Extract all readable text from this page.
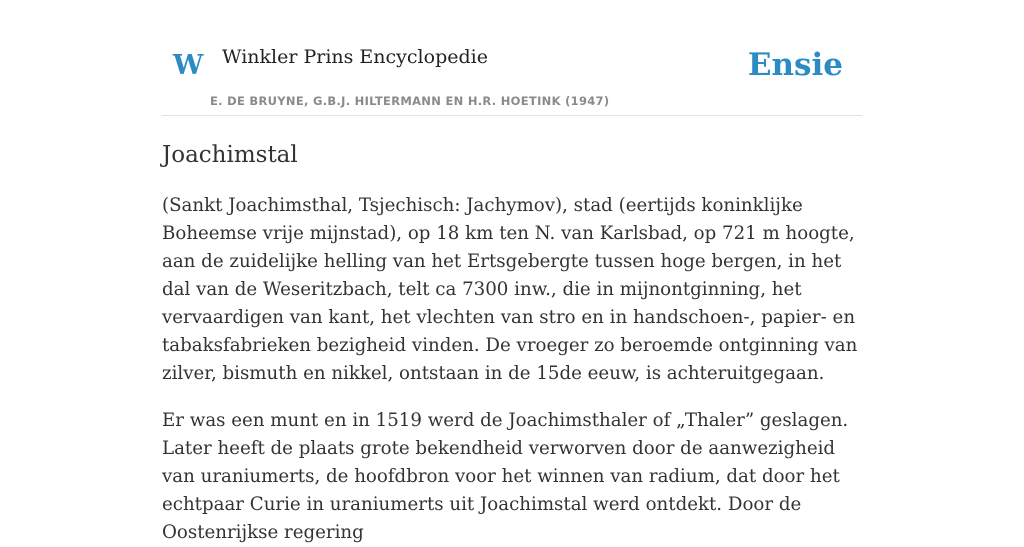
W Winkler Prins Encyclopedie
E. DE BRUYNE, G.B.J. HILTERMANN EN H.R. HOETINK (1947)
Ensie
Joachimstal

(Sankt Joachimsthal, Tsjechisch: Jachymov), stad (eertijds koninklijke Boheemse vrije mijnstad), op 18 km ten N. van Karlsbad, op 721 m hoogte, aan de zuidelijke helling van het Ertsgebergte tussen hoge bergen, in het dal van de Weseritzbach, telt ca 7300 inw., die in mijnontginning, het vervaardigen van kant, het vlechten van stro en in handschoen-, papier- en tabaksfabrieken bezigheid vinden. De vroeger zo beroemde ontginning van zilver, bismuth en nikkel, ontstaan in de 15de eeuw, is achteruitgegaan.

Er was een munt en in 1519 werd de Joachimsthaler of „Thaler” geslagen. Later heeft de plaats grote bekendheid verworven door de aanwezigheid van uraniumerts, de hoofdbron voor het winnen van radium, dat door het echtpaar Curie in uraniumerts uit Joachimstal werd ontdekt. Door de Oostenrijkse regering
